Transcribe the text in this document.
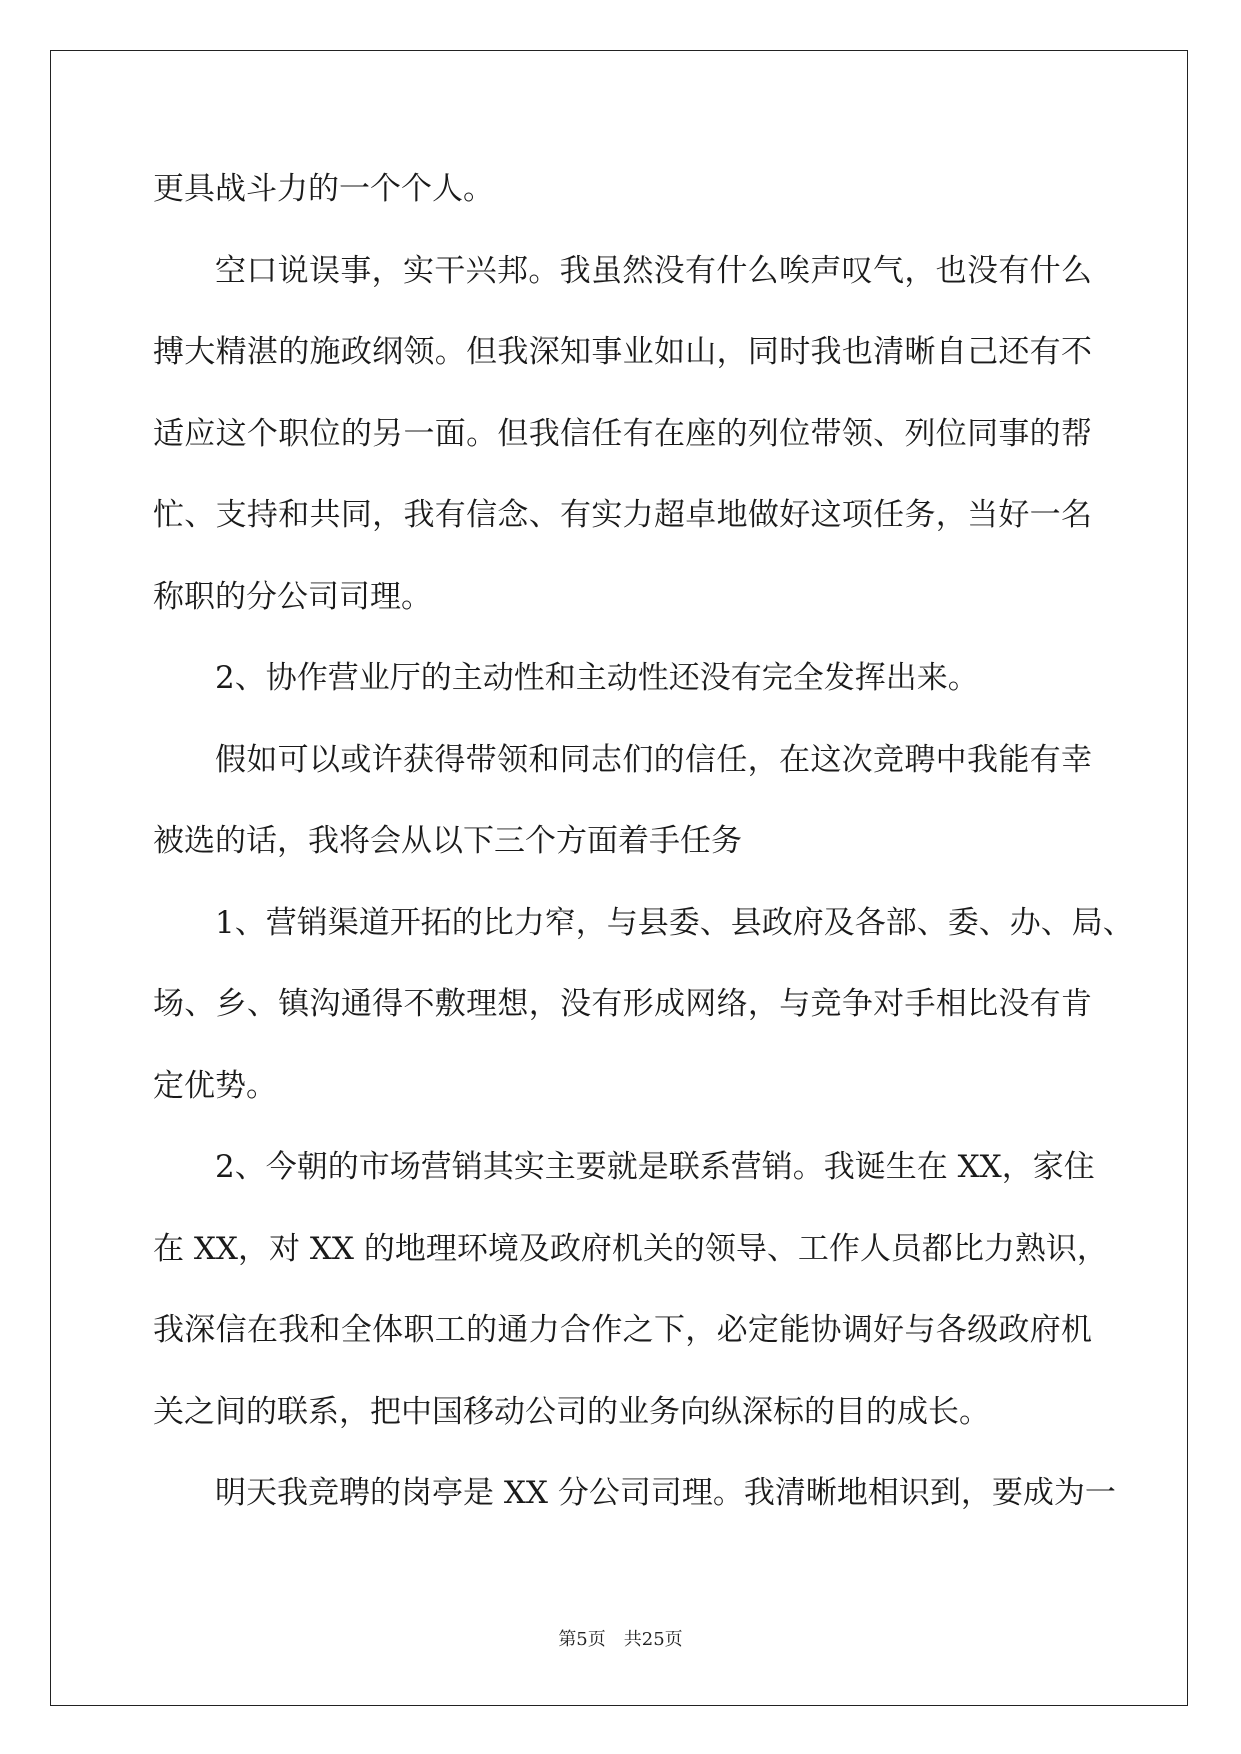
更具战斗力的一个个人。
空口说误事，实干兴邦。我虽然没有什么唉声叹气，也没有什么
搏大精湛的施政纲领。但我深知事业如山，同时我也清晰自己还有不
适应这个职位的另一面。但我信任有在座的列位带领、列位同事的帮
忙、支持和共同，我有信念、有实力超卓地做好这项任务，当好一名
称职的分公司司理。
2、协作营业厅的主动性和主动性还没有完全发挥出来。
假如可以或许获得带领和同志们的信任，在这次竞聘中我能有幸
被选的话，我将会从以下三个方面着手任务
1、营销渠道开拓的比力窄，与县委、县政府及各部、委、办、局、
场、乡、镇沟通得不敷理想，没有形成网络，与竞争对手相比没有肯
定优势。
2、今朝的市场营销其实主要就是联系营销。我诞生在 XX，家住
在 XX，对 XX 的地理环境及政府机关的领导、工作人员都比力熟识，
我深信在我和全体职工的通力合作之下，必定能协调好与各级政府机
关之间的联系，把中国移动公司的业务向纵深标的目的成长。
明天我竞聘的岗亭是 XX 分公司司理。我清晰地相识到，要成为一
第5页　共25页
